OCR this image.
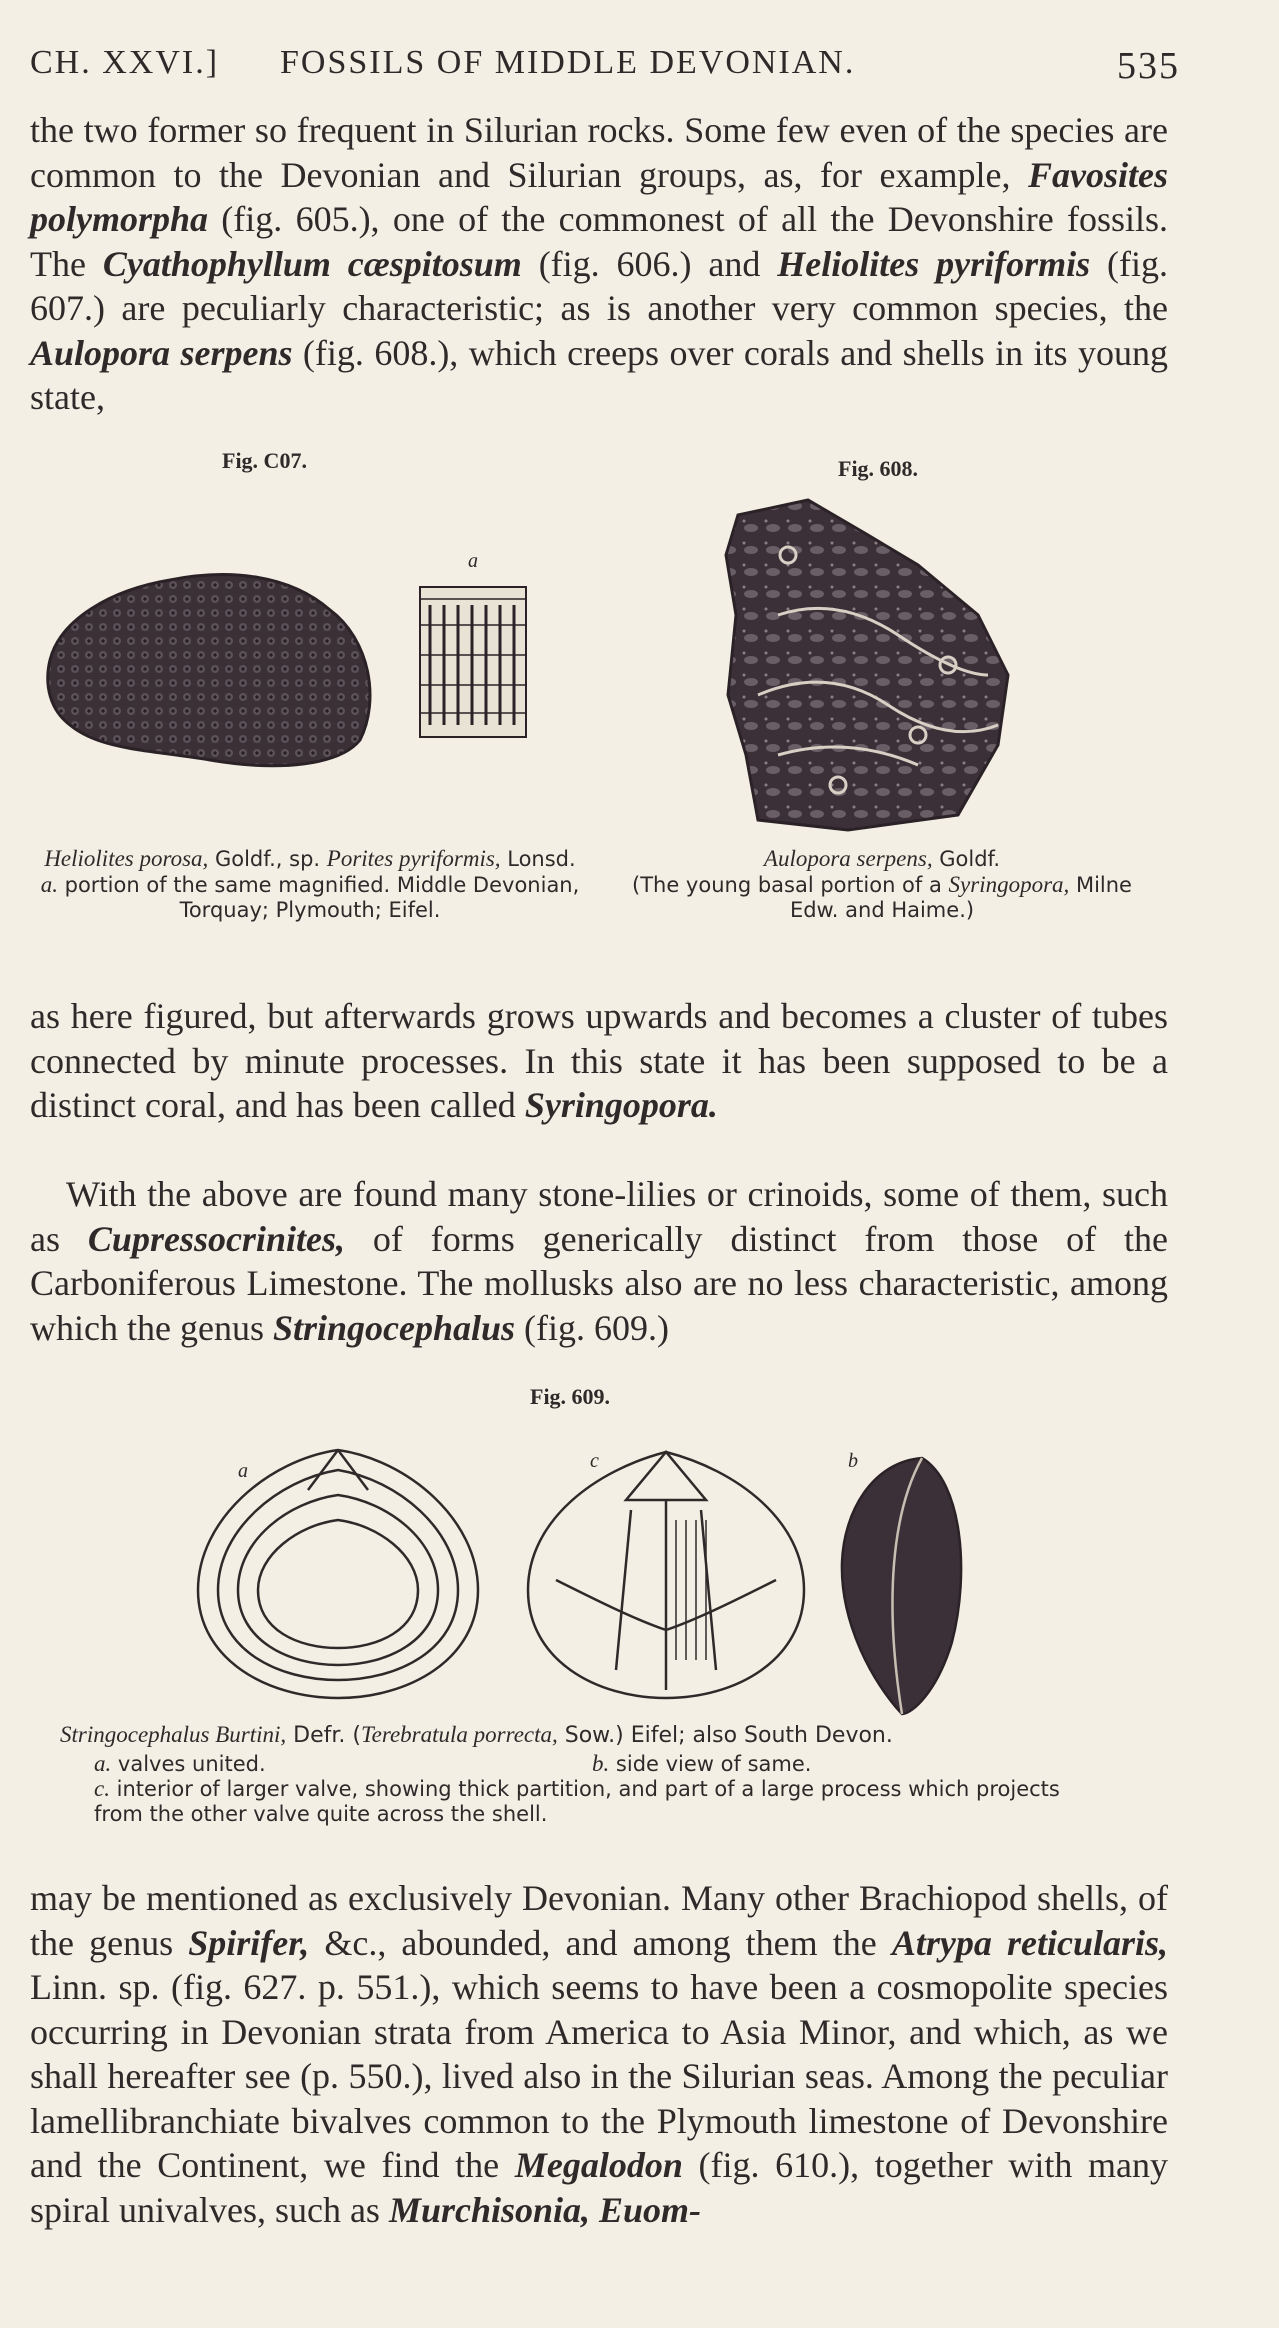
CH. XXVI.] FOSSILS OF MIDDLE DEVONIAN.	535
the two former so frequent in Silurian rocks. Some few even of the species are common to the Devonian and Silurian groups, as, for example, Favosites polymorpha (fig. 605.), one of the commonest of all the Devonshire fossils. The Cyathophyllum cæspitosum (fig. 606.) and Heliolites pyriformis (fig. 607.) are peculiarly characteristic; as is another very common species, the Aulopora serpens (fig. 608.), which creeps over corals and shells in its young state,
Fig. C07.
a
Heliolites porosa, Goldf., sp. Porites pyriformis, Lonsd.
a. portion of the same magnified. Middle Devonian, Torquay; Plymouth; Eifel.
Fig. 608.
Aulopora serpens, Goldf.
(The young basal portion of a Syringopora, Milne Edw. and Haime.)
as here figured, but afterwards grows upwards and becomes a cluster of tubes connected by minute processes. In this state it has been supposed to be a distinct coral, and has been called Syringopora.
With the above are found many stone-lilies or crinoids, some of them, such as Cupressocrinites, of forms generically distinct from those of the Carboniferous Limestone. The mollusks also are no less characteristic, among which the genus Stringocephalus (fig. 609.)
Fig. 609.
a	c	b
Stringocephalus Burtini, Defr. (Terebratula porrecta, Sow.) Eifel; also South Devon.
a. valves united.	b. side view of same.
c. interior of larger valve, showing thick partition, and part of a large process which projects from the other valve quite across the shell.
may be mentioned as exclusively Devonian. Many other Brachiopod shells, of the genus Spirifer, &c., abounded, and among them the Atrypa reticularis, Linn. sp. (fig. 627. p. 551.), which seems to have been a cosmopolite species occurring in Devonian strata from America to Asia Minor, and which, as we shall hereafter see (p. 550.), lived also in the Silurian seas. Among the peculiar lamellibranchiate bivalves common to the Plymouth limestone of Devonshire and the Continent, we find the Megalodon (fig. 610.), together with many spiral univalves, such as Murchisonia, Euom-
